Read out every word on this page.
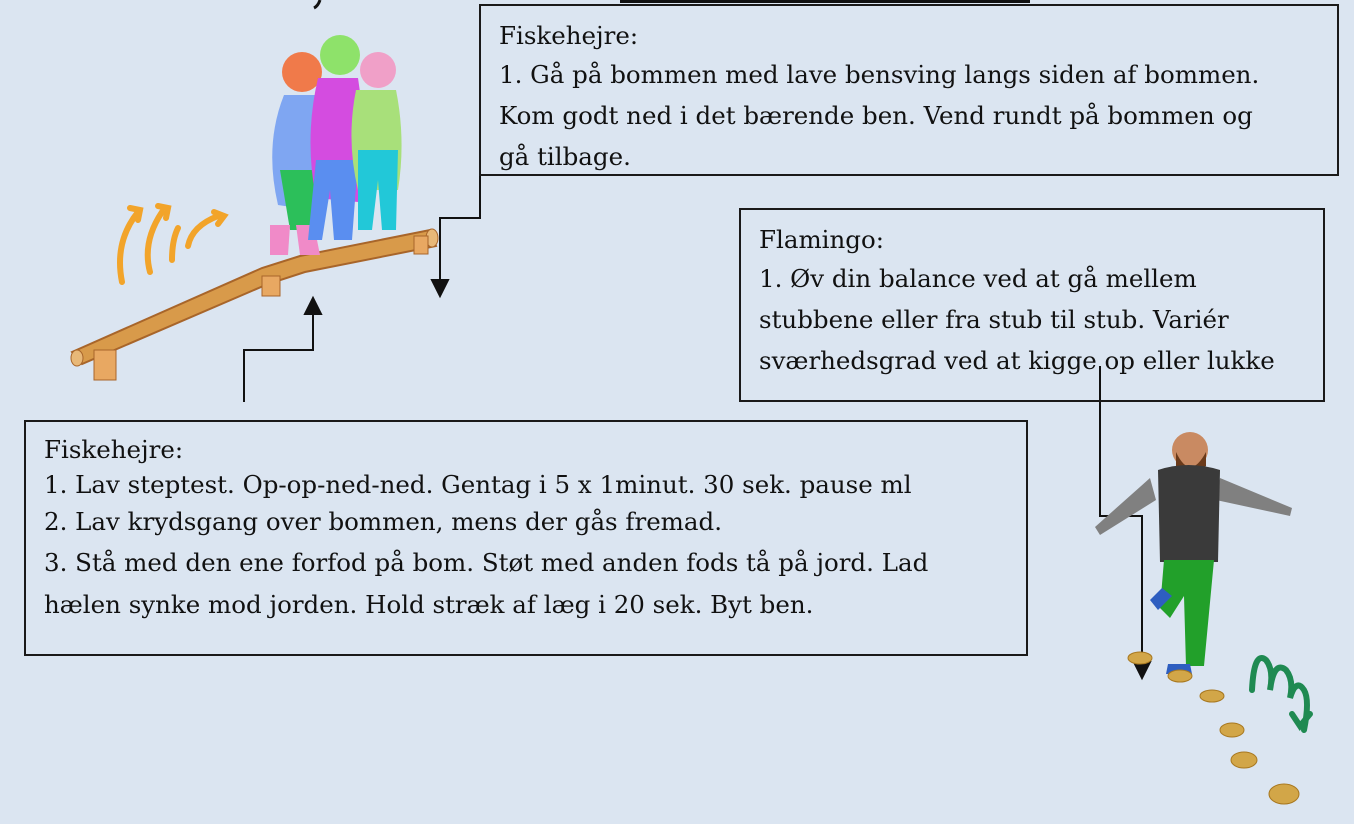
Fiskehejre:
1. Gå på bommen med lave bensving langs siden af bommen.
Kom godt ned i det bærende ben. Vend rundt på bommen og
gå tilbage.
Flamingo:
1. Øv din balance ved at gå mellem
stubbene eller fra stub til stub. Variér
sværhedsgrad ved at kigge op eller lukke
Fiskehejre:
1. Lav steptest. Op-op-ned-ned. Gentag i 5 x 1minut. 30 sek. pause ml
2. Lav krydsgang over bommen, mens der gås fremad.
3. Stå med den ene forfod på bom. Støt med anden fods tå på jord. Lad
hælen synke mod jorden. Hold stræk af læg i 20 sek. Byt ben.
